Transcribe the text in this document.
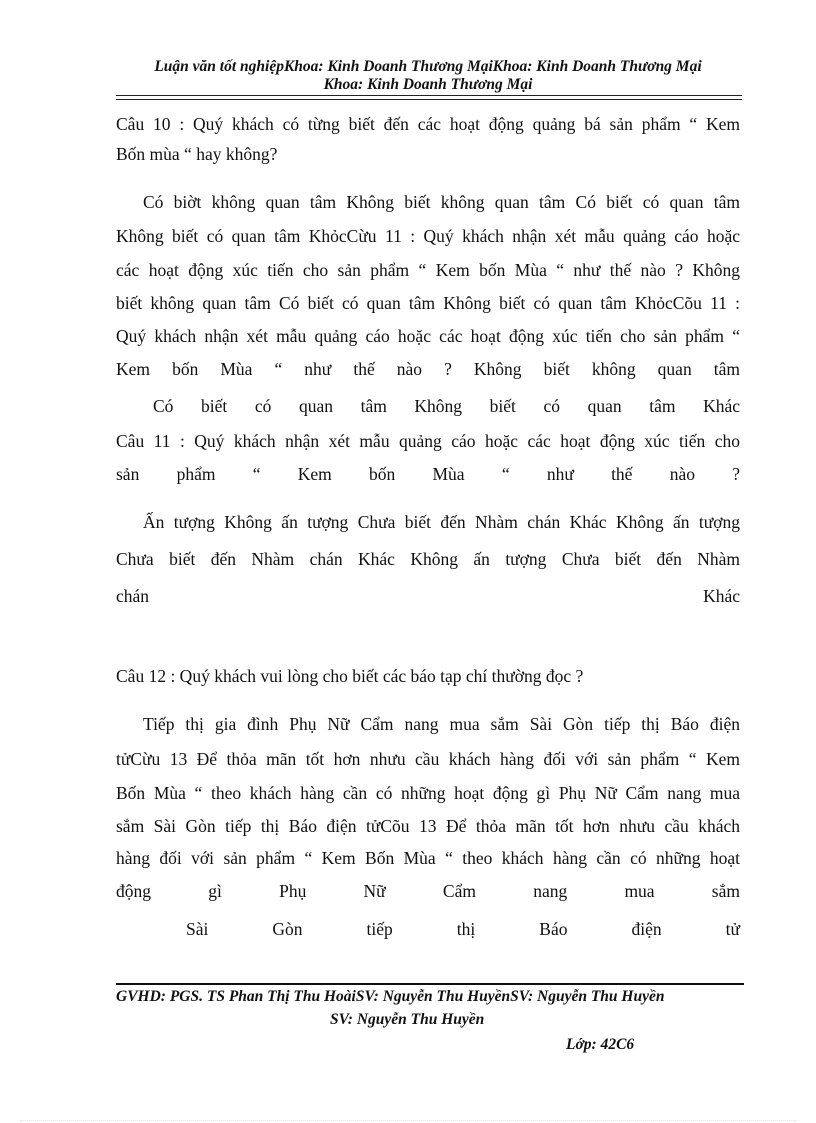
Luận văn tốt nghiệpKhoa: Kinh Doanh Thương MạiKhoa: Kinh Doanh Thương Mại
Khoa: Kinh Doanh Thương Mại
Câu 10 : Quý khách có từng biết đến các hoạt động quảng bá sản phẩm “ Kem
Bốn mùa “ hay không?
Có biờt không quan tâm Không biết không quan tâm Có biết có quan tâm
Không biết có quan tâm KhỏcCừu 11 : Quý khách nhận xét mẫu quảng cáo hoặc
các hoạt động xúc tiến cho sản phẩm “ Kem bốn Mùa “ như thế nào ? Không
biết không quan tâm Có biết có quan tâm Không biết có quan tâm KhỏcCõu 11 :
Quý khách nhận xét mẫu quảng cáo hoặc các hoạt động xúc tiến cho sản phẩm “
Kem bốn Mùa “ như thế nào ? Không biết không quan tâm
Có biết có quan tâm Không biết có quan tâm Khác
Câu 11 : Quý khách nhận xét mẫu quảng cáo hoặc các hoạt động xúc tiến cho
sản phẩm “ Kem bốn Mùa “ như thế nào ?
Ấn tượng Không ấn tượng Chưa biết đến Nhàm chán Khác Không ấn tượng
Chưa biết đến Nhàm chán Khác Không ấn tượng Chưa biết đến Nhàm
chán Khác
Câu 12 : Quý khách vui lòng cho biết các báo tạp chí thường đọc ?
Tiếp thị gia đình Phụ Nữ Cẩm nang mua sắm Sài Gòn tiếp thị Báo điện
tửCừu 13 Để thỏa mãn tốt hơn nhưu cầu khách hàng đối với sản phẩm “ Kem
Bốn Mùa “ theo khách hàng cần có những hoạt động gì Phụ Nữ Cẩm nang mua
sắm Sài Gòn tiếp thị Báo điện tửCõu 13 Để thỏa mãn tốt hơn nhưu cầu khách
hàng đối với sản phẩm “ Kem Bốn Mùa “ theo khách hàng cần có những hoạt
động gì Phụ Nữ Cẩm nang mua sắm
Sài Gòn tiếp thị Báo điện tử
GVHD: PGS. TS Phan Thị Thu HoàiSV: Nguyễn Thu HuyềnSV: Nguyễn Thu Huyền
SV: Nguyễn Thu Huyền
Lớp: 42C6
